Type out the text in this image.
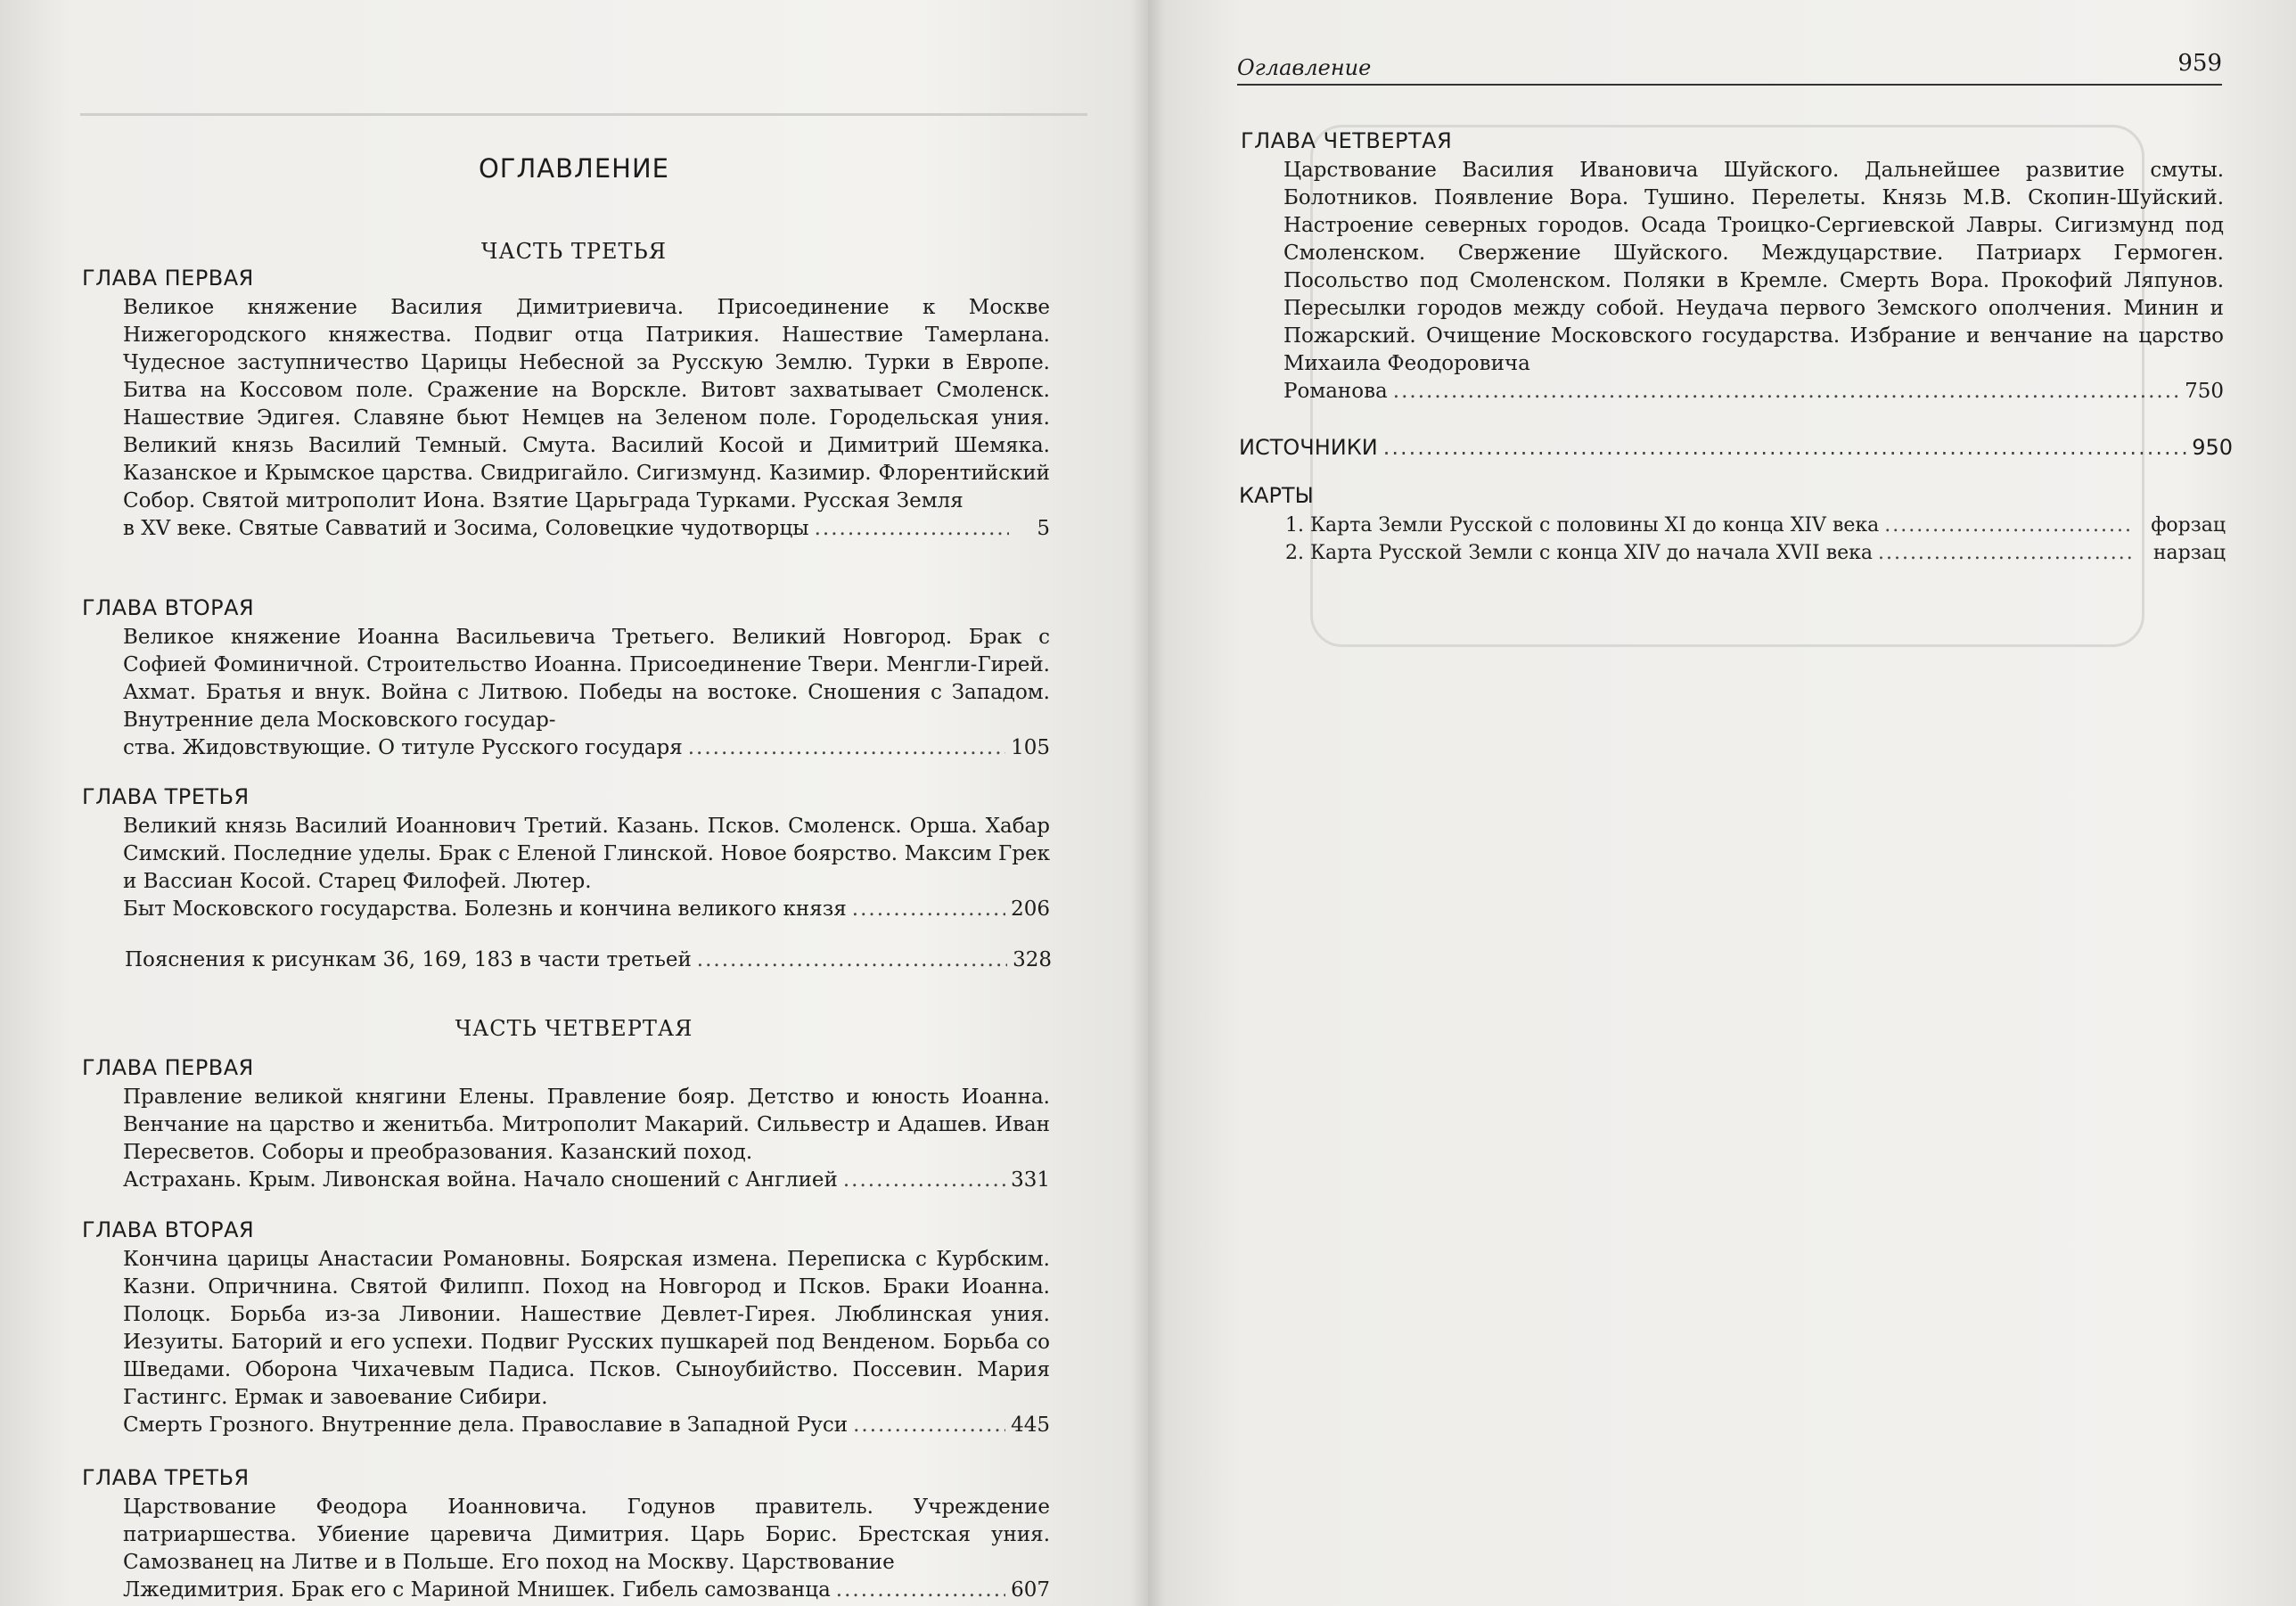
ОГЛАВЛЕНИЕ
ЧАСТЬ ТРЕТЬЯ
ГЛАВА ПЕРВАЯ
Великое княжение Василия Димитриевича. Присоединение к Москве Нижегородского княжества. Подвиг отца Патрикия. Нашествие Тамерлана. Чудесное заступничество Царицы Небесной за Русскую Землю. Турки в Европе. Битва на Коссовом поле. Сражение на Ворскле. Витовт захватывает Смоленск. Нашествие Эдигея. Славяне бьют Немцев на Зеленом поле. Городельская уния. Великий князь Василий Темный. Смута. Василий Косой и Димитрий Шемяка. Казанское и Крымское царства. Свидригайло. Сигизмунд. Казимир. Флорентийский Собор. Святой митрополит Иона. Взятие Царьграда Турками. Русская Земля
в XV веке. Святые Савватий и Зосима, Соловецкие чудотворцы .....	5
ГЛАВА ВТОРАЯ
Великое княжение Иоанна Васильевича Третьего. Великий Новгород. Брак с Софией Фоминичной. Строительство Иоанна. Присоединение Твери. Менгли-Гирей. Ахмат. Братья и внук. Война с Литвою. Победы на востоке. Сношения с Западом. Внутренние дела Московского государ-
ства. Жидовствующие. О титуле Русского государя .....	105
ГЛАВА ТРЕТЬЯ
Великий князь Василий Иоаннович Третий. Казань. Псков. Смоленск. Орша. Хабар Симский. Последние уделы. Брак с Еленой Глинской. Новое боярство. Максим Грек и Вассиан Косой. Старец Филофей. Лютер.
Быт Московского государства. Болезнь и кончина великого князя .....	206
Пояснения к рисункам 36, 169, 183 в части третьей .....	328
ЧАСТЬ ЧЕТВЕРТАЯ
ГЛАВА ПЕРВАЯ
Правление великой княгини Елены. Правление бояр. Детство и юность Иоанна. Венчание на царство и женитьба. Митрополит Макарий. Сильвестр и Адашев. Иван Пересветов. Соборы и преобразования. Казанский поход.
Астрахань. Крым. Ливонская война. Начало сношений с Англией .....	331
ГЛАВА ВТОРАЯ
Кончина царицы Анастасии Романовны. Боярская измена. Переписка с Курбским. Казни. Опричнина. Святой Филипп. Поход на Новгород и Псков. Браки Иоанна. Полоцк. Борьба из-за Ливонии. Нашествие Девлет-Гирея. Люблинская уния. Иезуиты. Баторий и его успехи. Подвиг Русских пушкарей под Венденом. Борьба со Шведами. Оборона Чихачевым Падиса. Псков. Сыноубийство. Поссевин. Мария Гастингс. Ермак и завоевание Сибири.
Смерть Грозного. Внутренние дела. Православие в Западной Руси .....	445
ГЛАВА ТРЕТЬЯ
Царствование Феодора Иоанновича. Годунов правитель. Учреждение патриаршества. Убиение царевича Димитрия. Царь Борис. Брестская уния. Самозванец на Литве и в Польше. Его поход на Москву. Царствование
Лжедимитрия. Брак его с Мариной Мнишек. Гибель самозванца .....	607
Оглавление	959
ГЛАВА ЧЕТВЕРТАЯ
Царствование Василия Ивановича Шуйского. Дальнейшее развитие смуты. Болотников. Появление Вора. Тушино. Перелеты. Князь М.В. Скопин-Шуйский. Настроение северных городов. Осада Троицко-Сергиевской Лавры. Сигизмунд под Смоленском. Свержение Шуйского. Междуцарствие. Патриарх Гермоген. Посольство под Смоленском. Поляки в Кремле. Смерть Вора. Прокофий Ляпунов. Пересылки городов между собой. Неудача первого Земского ополчения. Минин и Пожарский. Очищение Московского государства. Избрание и венчание на царство Михаила Феодоровича
Романова .....	750
ИСТОЧНИКИ .....	950
КАРТЫ
1. Карта Земли Русской с половины XI до конца XIV века .....	форзац
2. Карта Русской Земли с конца XIV до начала XVII века .....	нарзац
